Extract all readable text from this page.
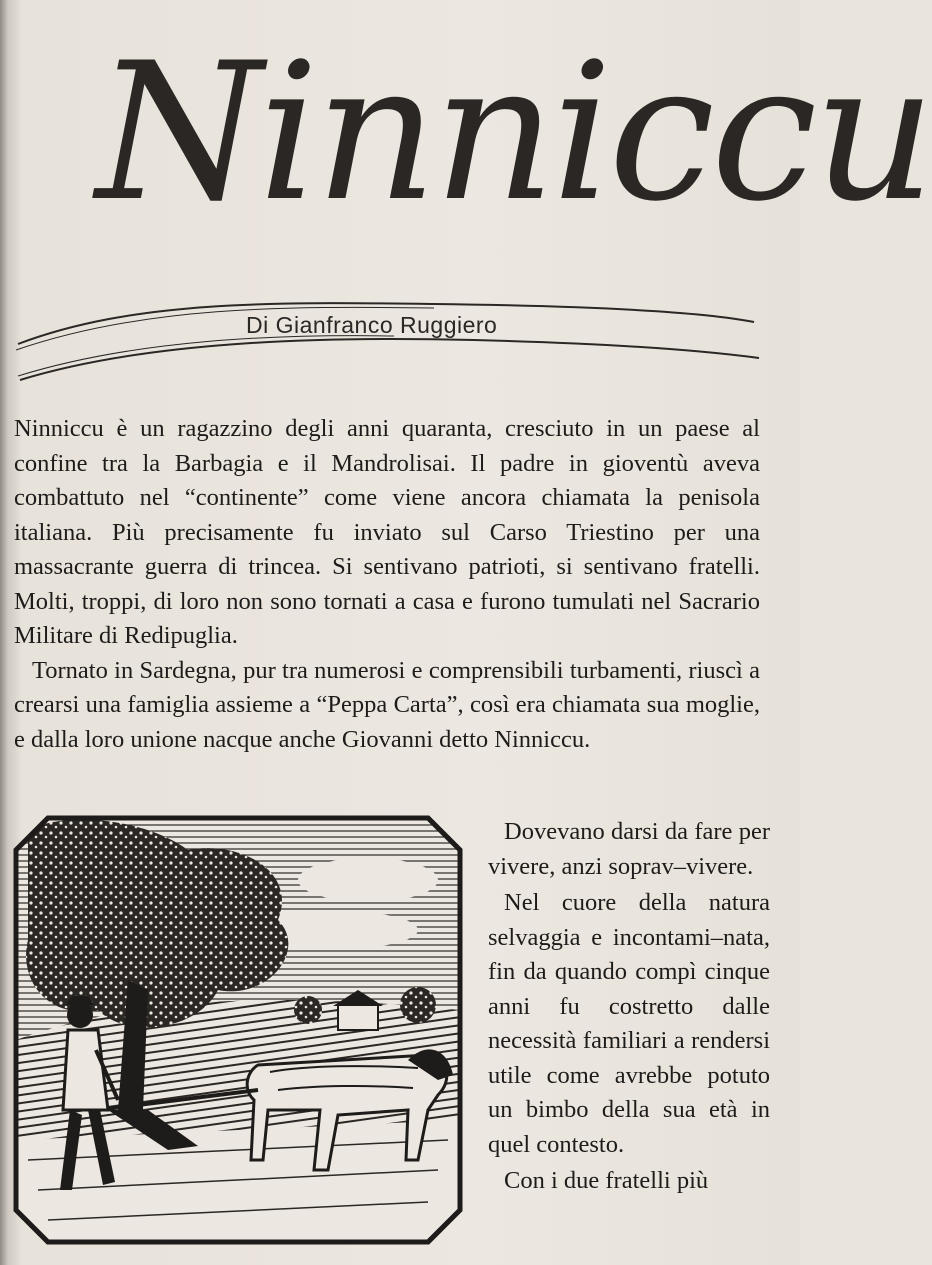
Ninniccu
Di Gianfranco Ruggiero

Ninniccu è un ragazzino degli anni quaranta, cresciuto in un paese al confine tra la Barbagia e il Mandrolisai. Il padre in gioventù aveva combattuto nel “continente” come viene ancora chiamata la penisola italiana. Più precisamente fu inviato sul Carso Triestino per una massacrante guerra di trincea. Si sentivano patrioti, si sentivano fratelli. Molti, troppi, di loro non sono tornati a casa e furono tumulati nel Sacrario Militare di Redipuglia.

Tornato in Sardegna, pur tra numerosi e comprensibili turbamenti, riuscì a crearsi una famiglia assieme a “Peppa Carta”, così era chiamata sua moglie, e dalla loro unione nacque anche Giovanni detto Ninniccu.

Dovevano darsi da fare per vivere, anzi soprav–vivere.

Nel cuore della natura selvaggia e incontami–nata, fin da quando compì cinque anni fu costretto dalle necessità familiari a rendersi utile come avrebbe potuto un bimbo della sua età in quel contesto.

Con i due fratelli più
